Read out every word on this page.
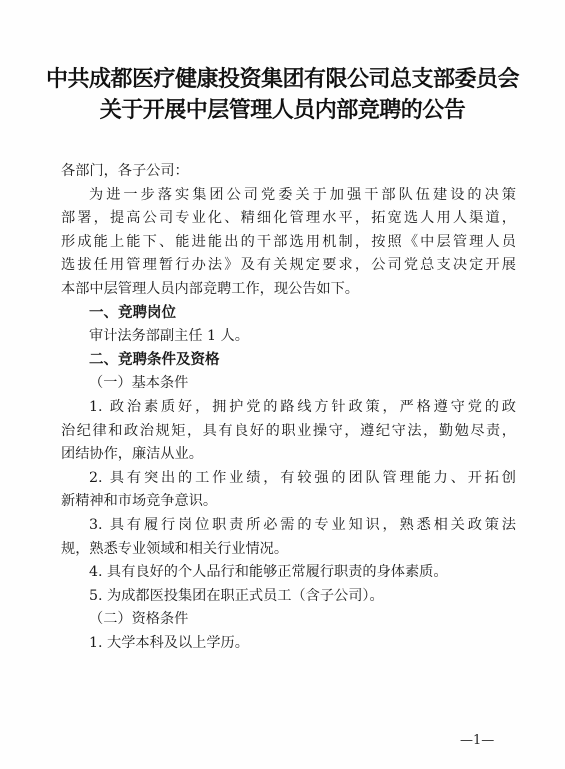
中共成都医疗健康投资集团有限公司总支部委员会
关于开展中层管理人员内部竞聘的公告
各部门，各子公司：
为进一步落实集团公司党委关于加强干部队伍建设的决策
部署，提高公司专业化、精细化管理水平，拓宽选人用人渠道，
形成能上能下、能进能出的干部选用机制，按照《中层管理人员
选拔任用管理暂行办法》及有关规定要求，公司党总支决定开展
本部中层管理人员内部竞聘工作，现公告如下。
一、竞聘岗位
审计法务部副主任 1 人。
二、竞聘条件及资格
（一）基本条件
1. 政治素质好，拥护党的路线方针政策，严格遵守党的政
治纪律和政治规矩，具有良好的职业操守，遵纪守法，勤勉尽责，
团结协作，廉洁从业。
2. 具有突出的工作业绩，有较强的团队管理能力、开拓创
新精神和市场竞争意识。
3. 具有履行岗位职责所必需的专业知识，熟悉相关政策法
规，熟悉专业领域和相关行业情况。
4. 具有良好的个人品行和能够正常履行职责的身体素质。
5. 为成都医投集团在职正式员工（含子公司）。
（二）资格条件
1. 大学本科及以上学历。
—1—
